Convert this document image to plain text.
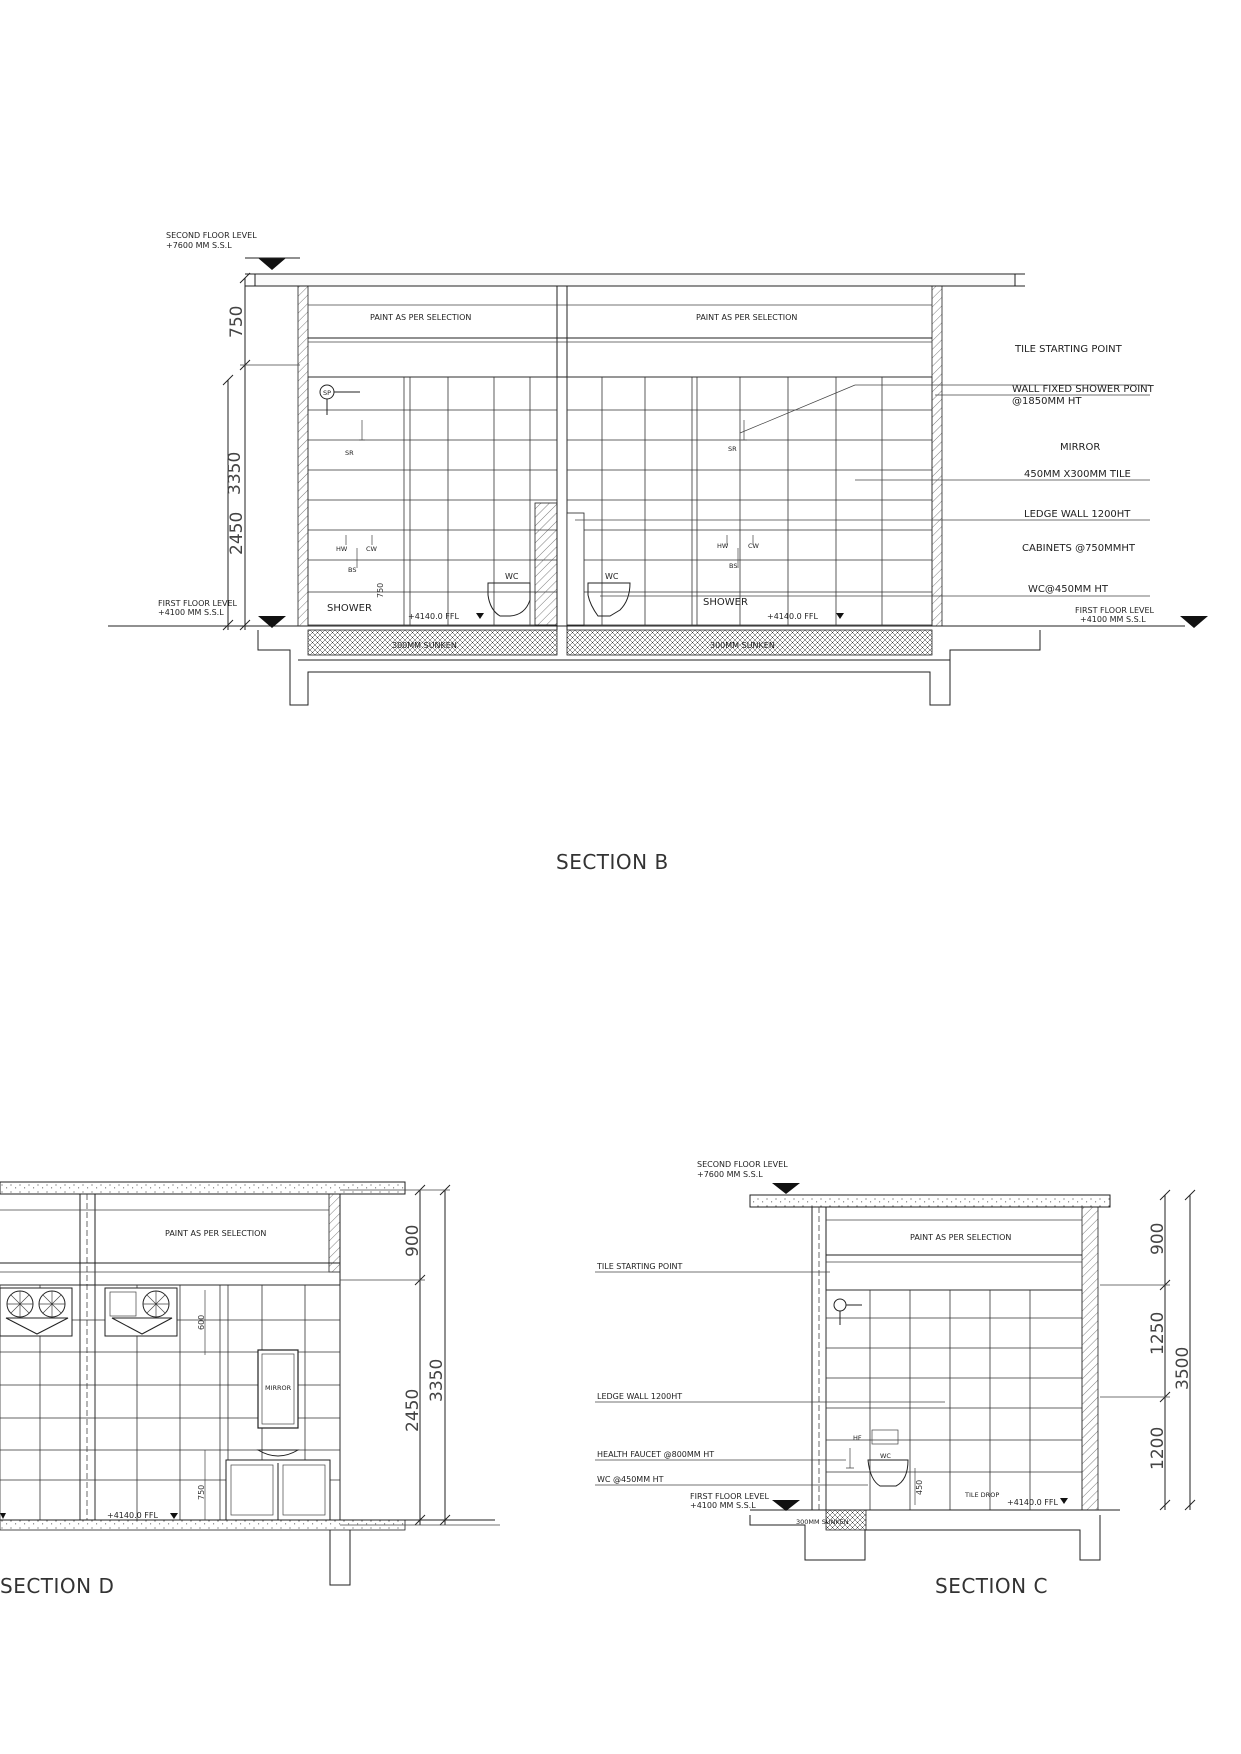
SECOND FLOOR LEVEL
+7600 MM S.S.L
FIRST FLOOR LEVEL
+4100 MM S.S.L	FIRST FLOOR LEVEL
+4100 MM S.S.L
PAINT AS PER SELECTION	PAINT AS PER SELECTION
750
3350
2450
750
SHOWER
SHOWER
+4140.0 FFL	+4140.0 FFL
300MM SUNKEN	300MM SUNKEN
WC	WC
SP
SR	SR
HW	CW	HW	CW
BS	BS
TILE STARTING POINT
WALL FIXED SHOWER POINT
@1850MM HT
MIRROR
450MM X300MM TILE
LEDGE WALL 1200HT
CABINETS @750MMHT
WC@450MM HT
SECTION B
MIRROR
900
3350
2450
600
750
PAINT AS PER SELECTION
+4140.0 FFL
SECTION D
900
1250
1200
3500
450
SECOND FLOOR LEVEL
+7600 MM S.S.L
FIRST FLOOR LEVEL
+4100 MM S.S.L
PAINT AS PER SELECTION
TILE STARTING POINT
LEDGE WALL 1200HT
HEALTH FAUCET @800MM HT
WC @450MM HT
WC
HF
TILE DROP
+4140.0 FFL
300MM SUNKEN
SECTION C
